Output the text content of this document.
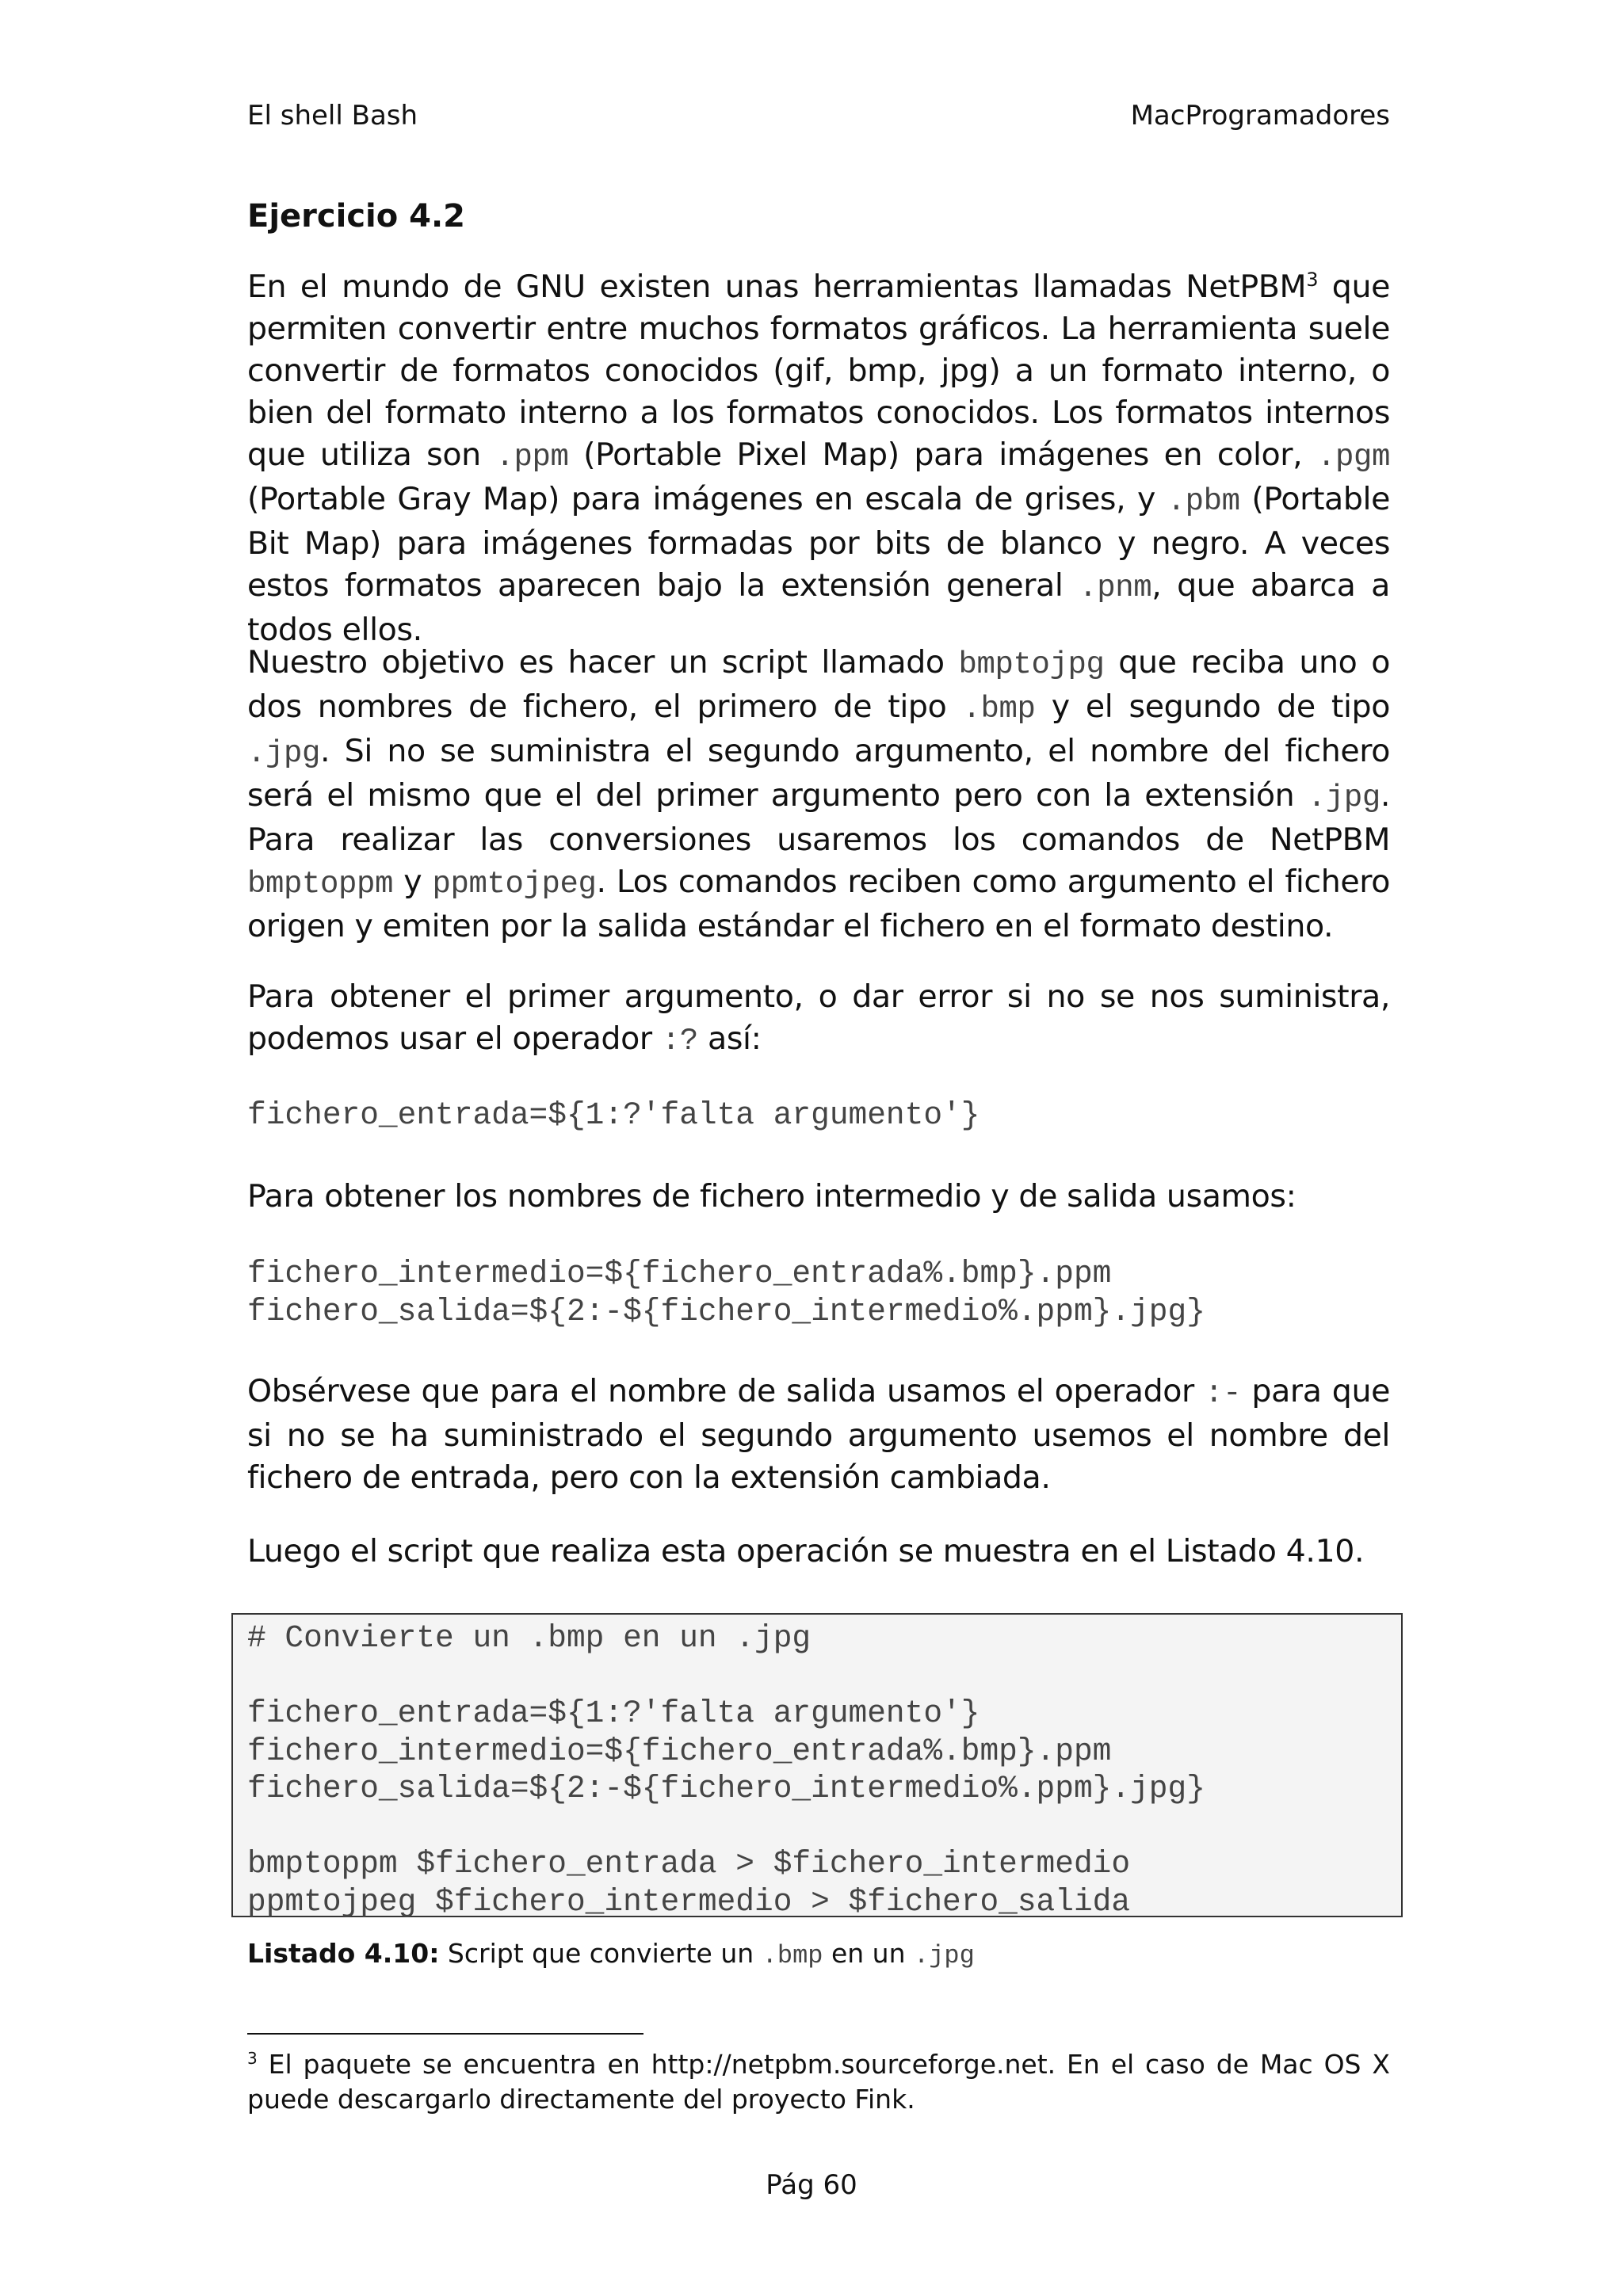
El shell Bash	MacProgramadores
Ejercicio 4.2

En el mundo de GNU existen unas herramientas llamadas NetPBM$^3$ que permiten convertir entre muchos formatos gráficos. La herramienta suele convertir de formatos conocidos (gif, bmp, jpg) a un formato interno, o bien del formato interno a los formatos conocidos. Los formatos internos que utiliza son .ppm (Portable Pixel Map) para imágenes en color, .pgm (Portable Gray Map) para imágenes en escala de grises, y .pbm (Portable Bit Map) para imágenes formadas por bits de blanco y negro. A veces estos formatos aparecen bajo la extensión general .pnm, que abarca a todos ellos.

Nuestro objetivo es hacer un script llamado bmptojpg que reciba uno o dos nombres de fichero, el primero de tipo .bmp y el segundo de tipo .jpg. Si no se suministra el segundo argumento, el nombre del fichero será el mismo que el del primer argumento pero con la extensión .jpg. Para realizar las conversiones usaremos los comandos de NetPBM bmptoppm y ppmtojpeg. Los comandos reciben como argumento el fichero origen y emiten por la salida estándar el fichero en el formato destino.

Para obtener el primer argumento, o dar error si no se nos suministra, podemos usar el operador :? así:

fichero_entrada=${1:?'falta argumento'}

Para obtener los nombres de fichero intermedio y de salida usamos:

fichero_intermedio=${fichero_entrada%.bmp}.ppm
fichero_salida=${2:-${fichero_intermedio%.ppm}.jpg}

Obsérvese que para el nombre de salida usamos el operador :- para que si no se ha suministrado el segundo argumento usemos el nombre del fichero de entrada, pero con la extensión cambiada.

Luego el script que realiza esta operación se muestra en el Listado 4.10.

# Convierte un .bmp en un .jpg

fichero_entrada=${1:?'falta argumento'}
fichero_intermedio=${fichero_entrada%.bmp}.ppm
fichero_salida=${2:-${fichero_intermedio%.ppm}.jpg}

bmptoppm $fichero_entrada > $fichero_intermedio
ppmtojpeg $fichero_intermedio > $fichero_salida
Listado 4.10: Script que convierte un .bmp en un .jpg
$^3$ El paquete se encuentra en http://netpbm.sourceforge.net. En el caso de Mac OS X puede descargarlo directamente del proyecto Fink.
Pág 60
